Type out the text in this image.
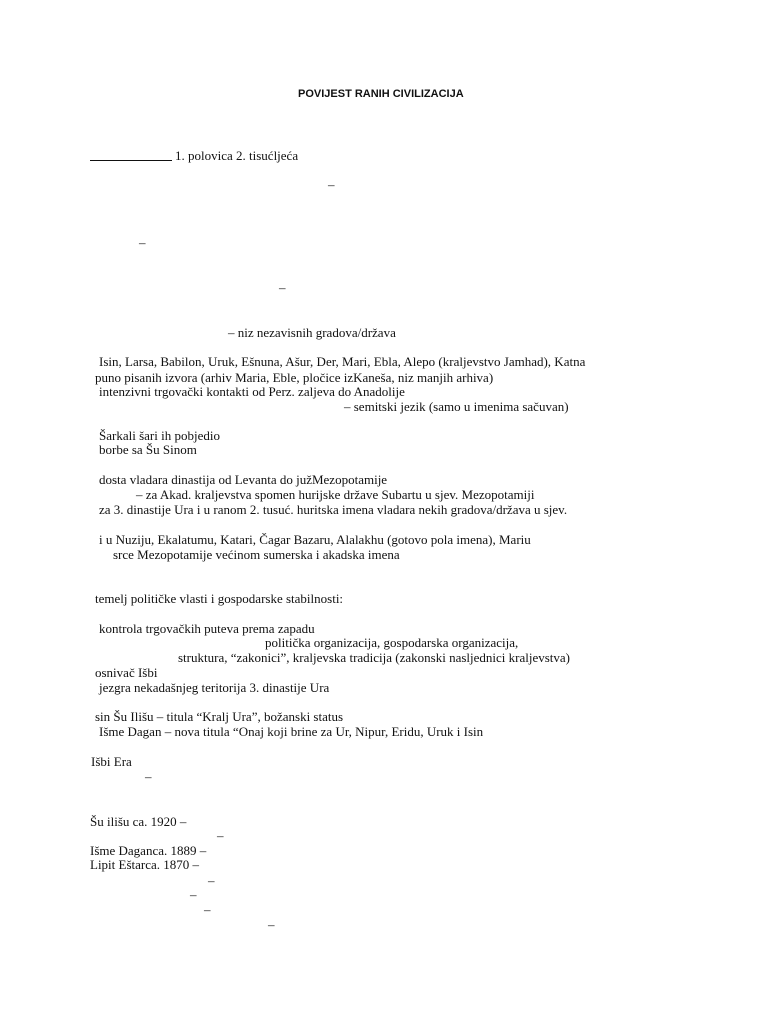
POVIJEST RANIH CIVILIZACIJA
1. polovica 2. tisućljeća
–
–
–
– niz nezavisnih gradova/država
Isin, Larsa, Babilon, Uruk, Ešnuna, Ašur, Der, Mari, Ebla, Alepo (kraljevstvo Jamhad), Katna
puno pisanih izvora (arhiv Maria, Eble, pločice izKaneša, niz manjih arhiva)
intenzivni trgovački kontakti od Perz. zaljeva do Anadolije
– semitski jezik (samo u imenima sačuvan)
Šarkali šari ih pobjedio
borbe sa Šu Sinom
dosta vladara dinastija od Levanta do južMezopotamije
– za Akad. kraljevstva spomen hurijske države Subartu u sjev. Mezopotamiji
za 3. dinastije Ura i u ranom 2. tusuć. huritska imena vladara nekih gradova/država u sjev.
i u Nuziju, Ekalatumu, Katari, Čagar Bazaru, Alalakhu (gotovo pola imena), Mariu
srce Mezopotamije većinom sumerska i akadska imena
temelj političke vlasti i gospodarske stabilnosti:
kontrola trgovačkih puteva prema zapadu
politička organizacija, gospodarska organizacija,
struktura, “zakonici”, kraljevska tradicija (zakonski nasljednici kraljevstva)
osnivač Išbi
jezgra nekadašnjeg teritorija 3. dinastije Ura
sin Šu Ilišu – titula “Kralj Ura”, božanski status
Išme Dagan – nova titula “Onaj koji brine za Ur, Nipur, Eridu, Uruk i Isin
Išbi Era
–
Šu ilišu ca. 1920 –
–
Išme Daganca. 1889 –
Lipit Eštarca. 1870 –
–
–
–
–
